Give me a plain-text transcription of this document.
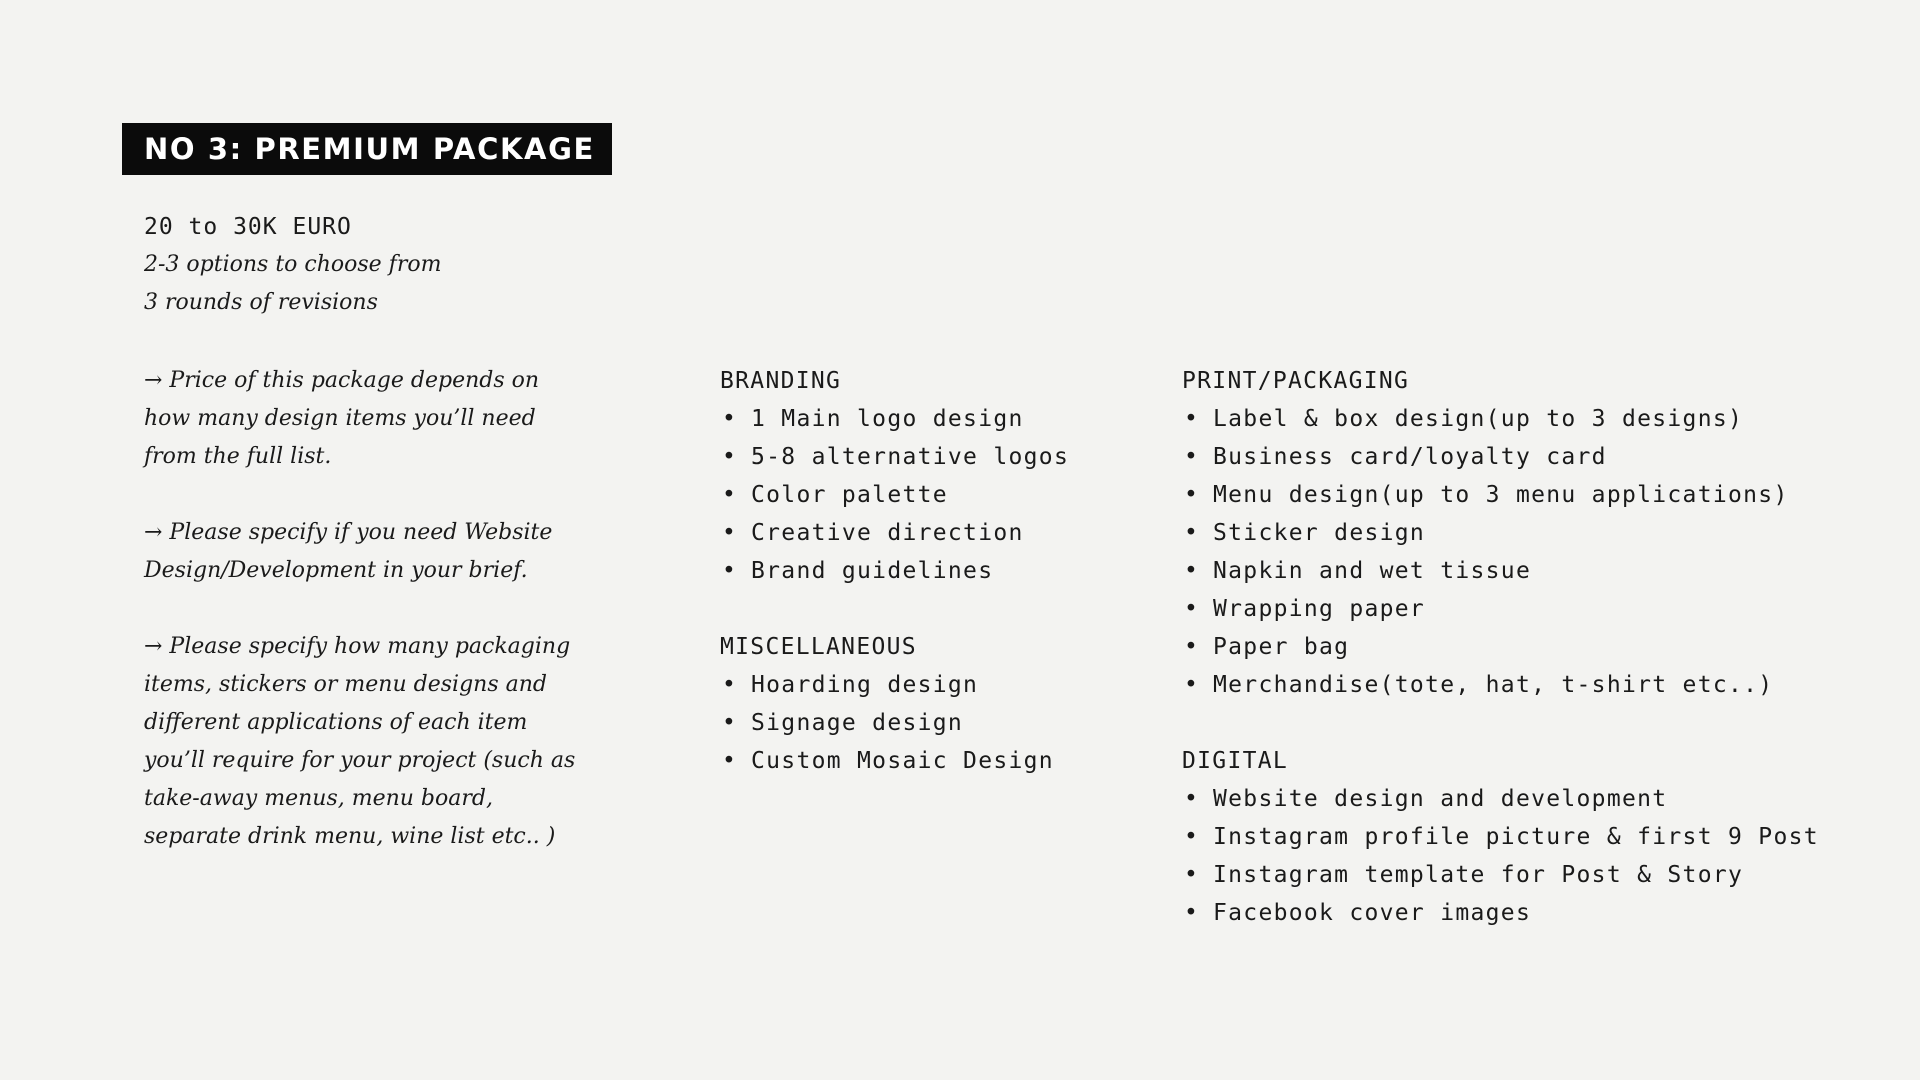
NO 3: PREMIUM PACKAGE
20 to 30K EURO
2-3 options to choose from
3 rounds of revisions

→ Price of this package depends on how many design items you’ll need from the full list.

→ Please specify if you need Website Design/Development in your brief.

→ Please specify how many packaging items, stickers or menu designs and different applications of each item you’ll require for your project (such as take-away menus, menu board, separate drink menu, wine list etc.. )

BRANDING
• 1 Main logo design
• 5-8 alternative logos
• Color palette
• Creative direction
• Brand guidelines
MISCELLANEOUS
• Hoarding design
• Signage design
• Custom Mosaic Design
PRINT/PACKAGING
• Label & box design(up to 3 designs)
• Business card/loyalty card
• Menu design(up to 3 menu applications)
• Sticker design
• Napkin and wet tissue
• Wrapping paper
• Paper bag
• Merchandise(tote, hat, t-shirt etc..)
DIGITAL
• Website design and development
• Instagram profile picture & first 9 Post
• Instagram template for Post & Story
• Facebook cover images
